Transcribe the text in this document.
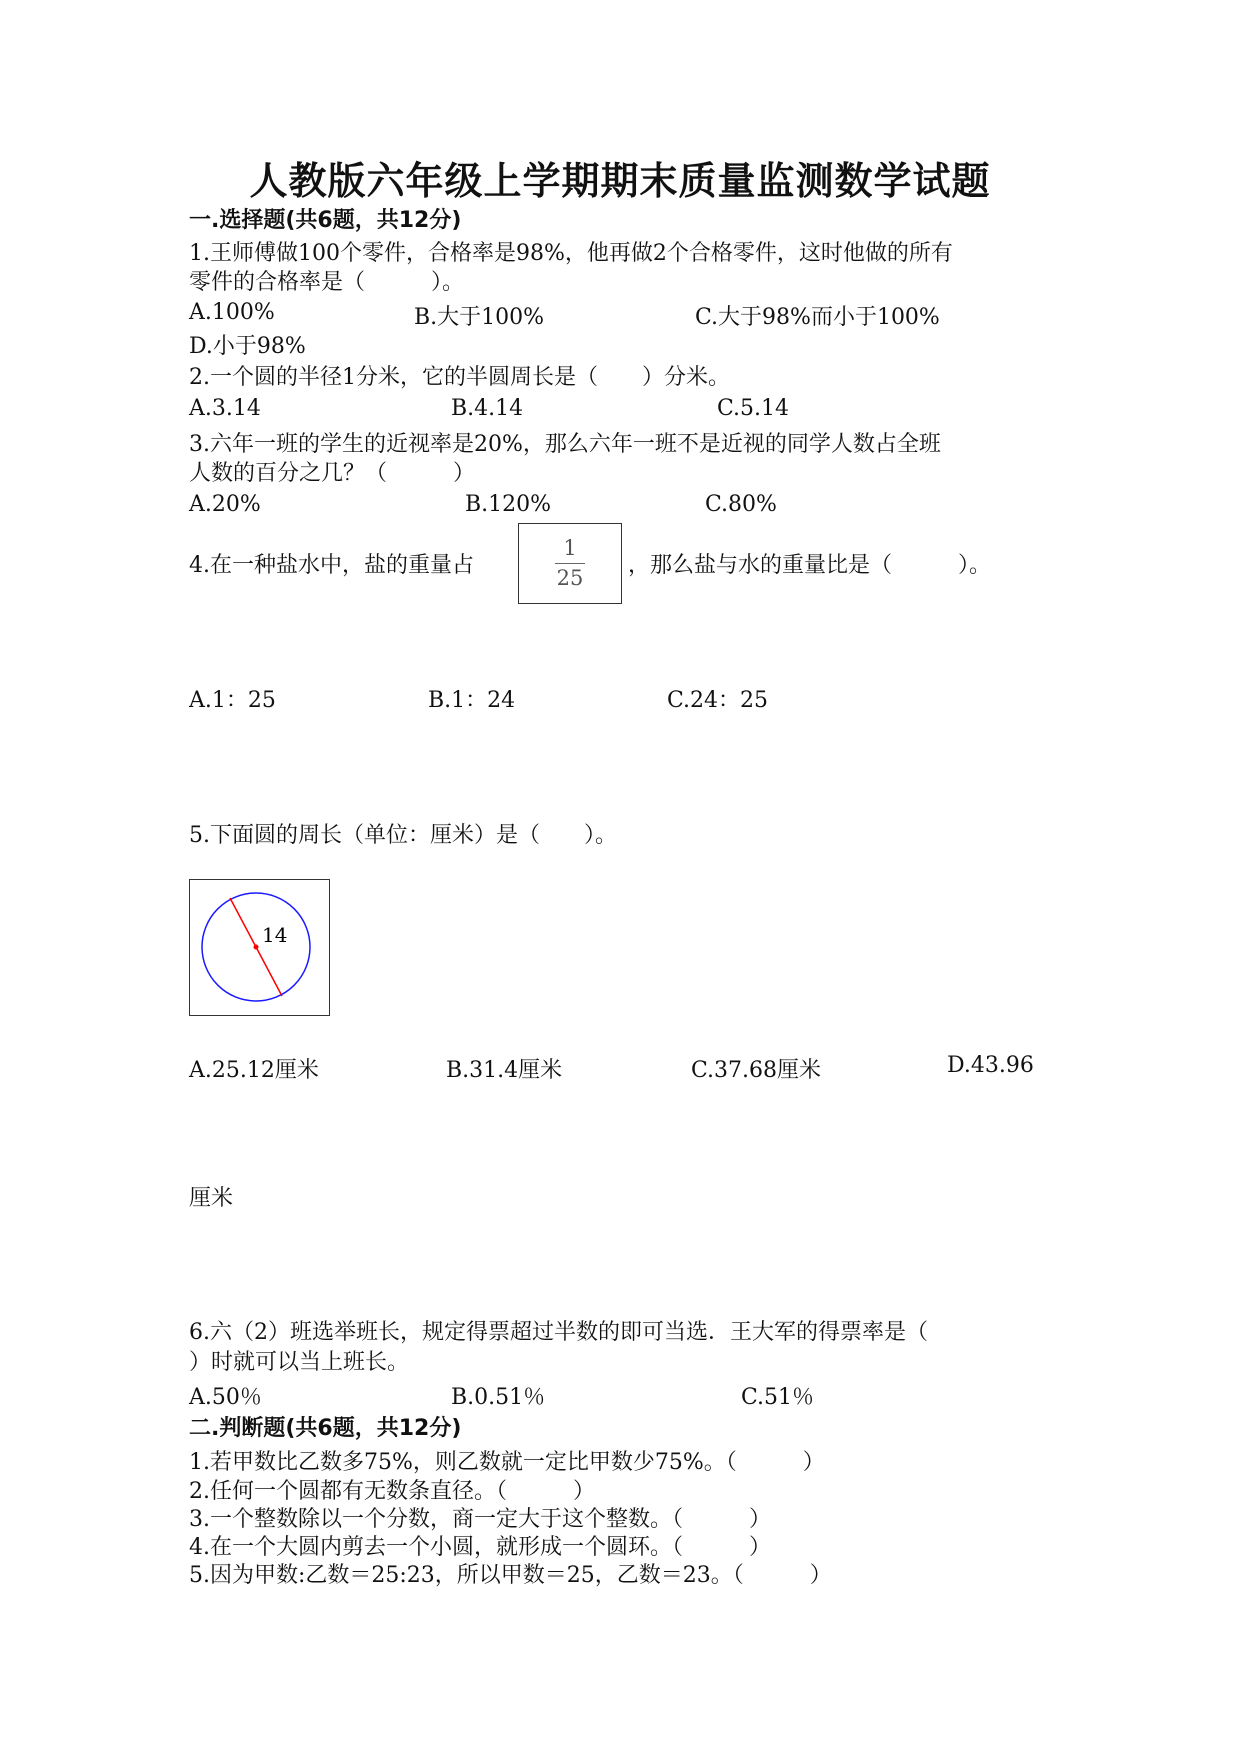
人教版六年级上学期期末质量监测数学试题
一.选择题(共6题，共12分)
1.王师傅做100个零件，合格率是98%，他再做2个合格零件，这时他做的所有
零件的合格率是（　　　）。
A.100%	B.大于100%	C.大于98%而小于100%
D.小于98%
2.一个圆的半径1分米，它的半圆周长是（　　）分米。
A.3.14	B.4.14	C.5.14
3.六年一班的学生的近视率是20%，那么六年一班不是近视的同学人数占全班
人数的百分之几？（　　　）
A.20%	B.120%	C.80%
4.在一种盐水中，盐的重量占
1
25 ，那么盐与水的重量比是（　　　）。
A.1：25	B.1：24	C.24：25
5.下面圆的周长（单位：厘米）是（　　）。
14
A.25.12厘米	B.31.4厘米	C.37.68厘米	D.43.96
厘米
6.六（2）班选举班长，规定得票超过半数的即可当选．王大军的得票率是（
）时就可以当上班长。
A.50％	B.0.51％	C.51％
二.判断题(共6题，共12分)
1.若甲数比乙数多75%，则乙数就一定比甲数少75%。（　　　）
2.任何一个圆都有无数条直径。（　　　）
3.一个整数除以一个分数，商一定大于这个整数。（　　　）
4.在一个大圆内剪去一个小圆，就形成一个圆环。（　　　）
5.因为甲数:乙数＝25:23，所以甲数＝25，乙数＝23。（　　　）
